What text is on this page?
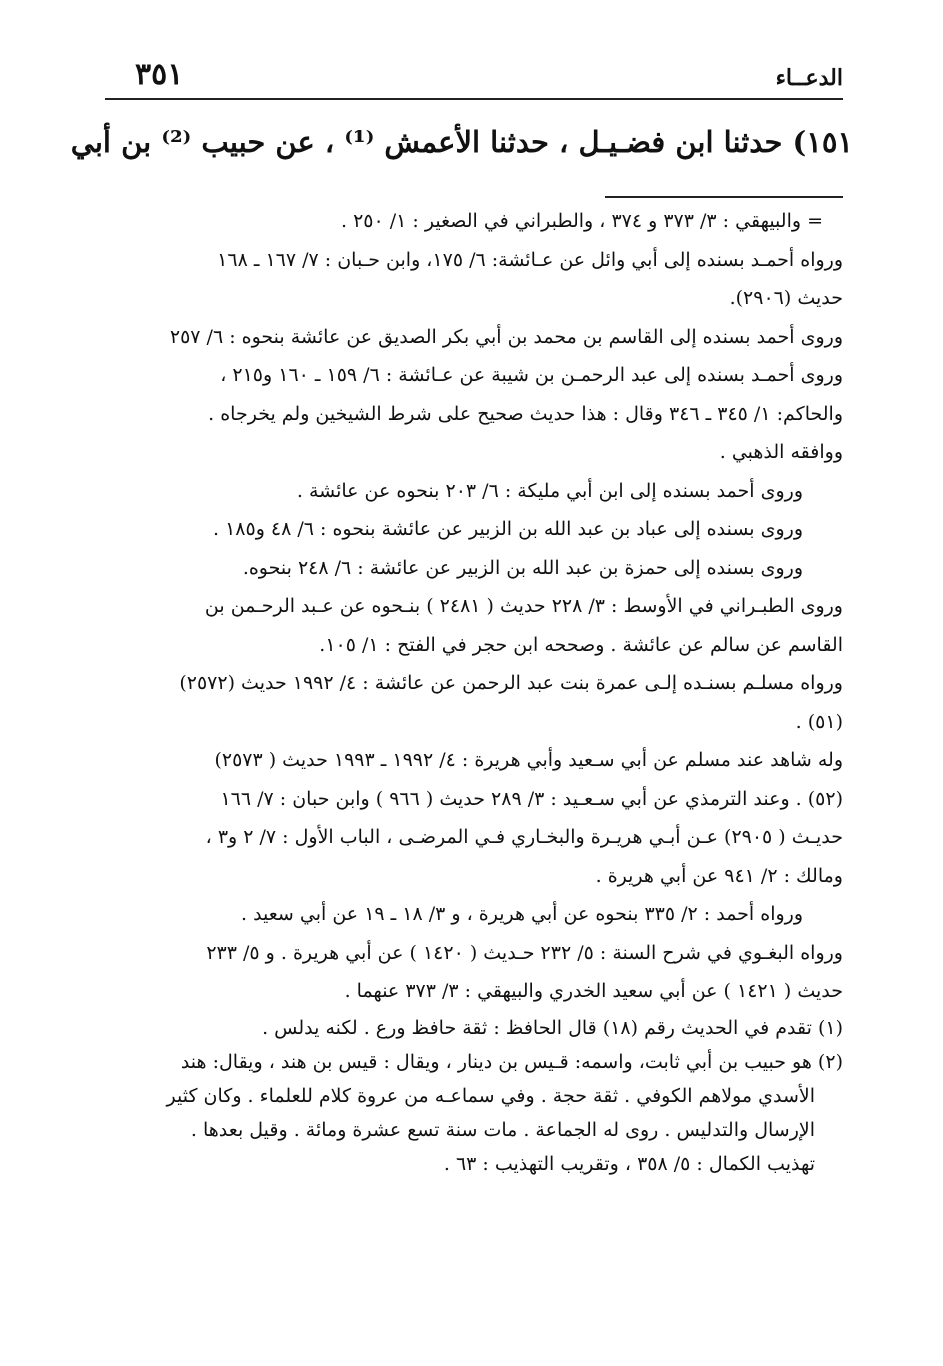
الدعــاء
٣٥١
١٥١) حدثنا ابن فضـيـل ، حدثنا الأعمش ⁽¹⁾ ، عن حبيب ⁽²⁾ بن أبي
= والبيهقي : ٣/ ٣٧٣ و ٣٧٤ ، والطبراني في الصغير : ١/ ٢٥٠ .
ورواه أحمـد بسنده إلى أبي وائل عن عـائشة: ٦/ ١٧٥، وابن حـبان : ٧/ ١٦٧ ـ ١٦٨
حديث (٢٩٠٦).
وروى أحمد بسنده إلى القاسم بن محمد بن أبي بكر الصديق عن عائشة بنحوه : ٦/ ٢٥٧
وروى أحمـد بسنده إلى عبد الرحمـن بن شيبة عن عـائشة : ٦/ ١٥٩ ـ ١٦٠ و٢١٥ ،
والحاكم: ١/ ٣٤٥ ـ ٣٤٦ وقال : هذا حديث صحيح على شرط الشيخين ولم يخرجاه .
ووافقه الذهبي .
وروى أحمد بسنده إلى ابن أبي مليكة : ٦/ ٢٠٣ بنحوه عن عائشة .
وروى بسنده إلى عباد بن عبد الله بن الزبير عن عائشة بنحوه : ٦/ ٤٨ و١٨٥ .
وروى بسنده إلى حمزة بن عبد الله بن الزبير عن عائشة : ٦/ ٢٤٨ بنحوه.
وروى الطبـراني في الأوسط : ٣/ ٢٢٨ حديث ( ٢٤٨١ ) بنـحوه عن عـبد الرحـمن بن
القاسم عن سالم عن عائشة . وصححه ابن حجر في الفتح : ١/ ١٠٥.
ورواه مسلـم بسنـده إلـى عمرة بنت عبد الرحمن عن عائشة : ٤/ ١٩٩٢ حديث (٢٥٧٢)
(٥١) .
وله شاهد عند مسلم عن أبي سـعيد وأبي هريرة : ٤/ ١٩٩٢ ـ ١٩٩٣ حديث ( ٢٥٧٣)
(٥٢) . وعند الترمذي عن أبي سـعـيد : ٣/ ٢٨٩ حديث ( ٩٦٦ ) وابن حبان : ٧/ ١٦٦
حديـث ( ٢٩٠٥) عـن أبـي هريـرة والبخـاري فـي المرضـى ، الباب الأول : ٧/ ٢ و٣ ،
ومالك : ٢/ ٩٤١ عن أبي هريرة .
ورواه أحمد : ٢/ ٣٣٥ بنحوه عن أبي هريرة ، و ٣/ ١٨ ـ ١٩ عن أبي سعيد .
ورواه البغـوي في شرح السنة : ٥/ ٢٣٢ حـديث ( ١٤٢٠ ) عن أبي هريرة . و ٥/ ٢٣٣
حديث ( ١٤٢١ ) عن أبي سعيد الخدري والبيهقي : ٣/ ٣٧٣ عنهما .
(١) تقدم في الحديث رقم (١٨) قال الحافظ : ثقة حافظ ورع . لكنه يدلس .
(٢) هو حبيب بن أبي ثابت، واسمه: قـيس بن دينار ، ويقال : قيس بن هند ، ويقال: هند
الأسدي مولاهم الكوفي . ثقة حجة . وفي سماعـه من عروة كلام للعلماء . وكان كثير
الإرسال والتدليس . روى له الجماعة . مات سنة تسع عشرة ومائة . وقيل بعدها .
تهذيب الكمال : ٥/ ٣٥٨ ، وتقريب التهذيب : ٦٣ .
